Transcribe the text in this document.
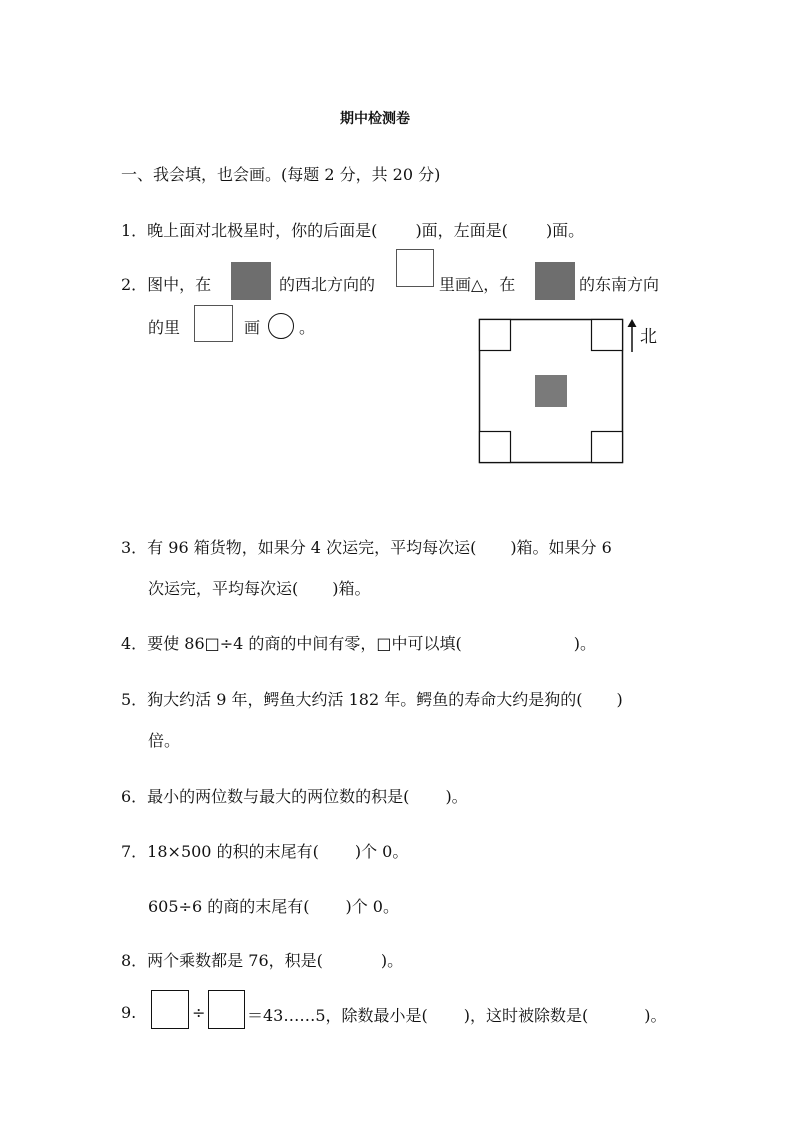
期中检测卷
一、我会填，也会画。(每题 2 分，共 20 分)
1．晚上面对北极星时，你的后面是( )面，左面是( )面。
2．图中，在	的西北方向的	里画△，在	的东南方向
的里	画 。	北
3．有 96 箱货物，如果分 4 次运完，平均每次运( )箱。如果分 6
次运完，平均每次运( )箱。
4．要使 86□÷4 的商的中间有零，□中可以填(	)。
5．狗大约活 9 年，鳄鱼大约活 182 年。鳄鱼的寿命大约是狗的( )
倍。
6．最小的两位数与最大的两位数的积是( )。
7．18×500 的积的末尾有( )个 0。
605÷6 的商的末尾有( )个 0。
8．两个乘数都是 76，积是(	)。
9.	÷	＝43……5，除数最小是( )，这时被除数是(	)。
